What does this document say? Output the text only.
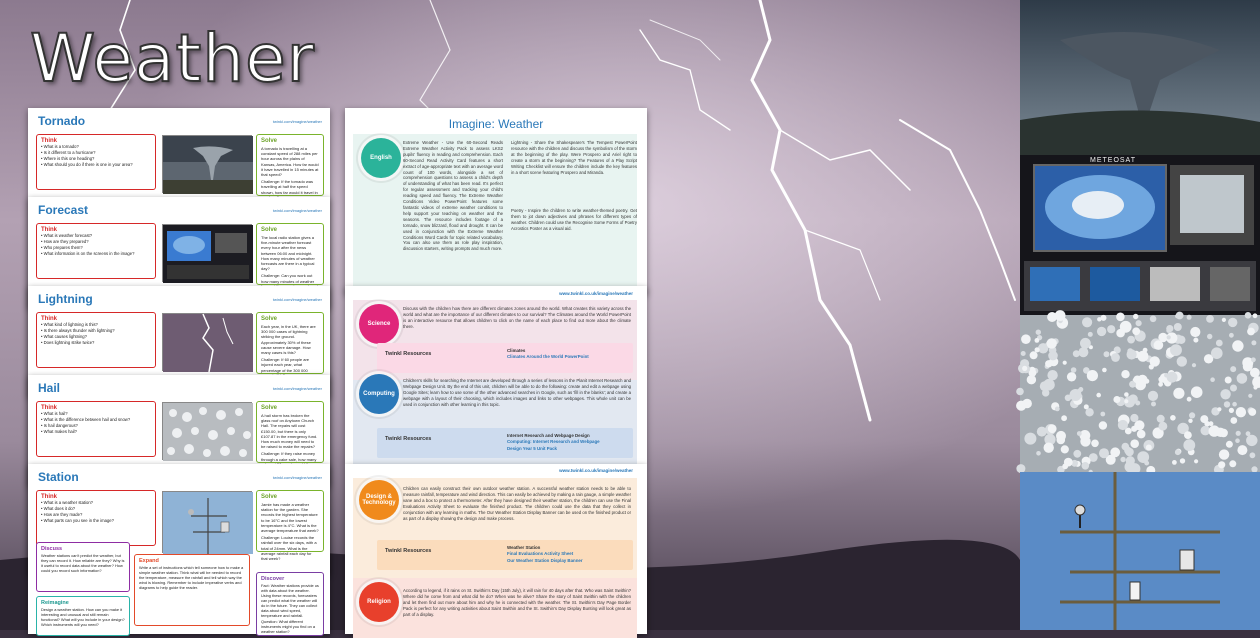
Weather
Tornado	twinkl.com/imagine/weather
Think
• What is a tornado?
• Is it different to a hurricane?
• Where is this one heading?
• What should you do if there is one in your area?
Solve
A tornado is travelling at a constant speed of 288 miles per hour across the plains of Kansas, America. How far would it have travelled in 15 minutes at that speed?
Challenge: If the tornado was travelling at half the speed shown, how far would it travel in
Forecast	twinkl.com/imagine/weather
Think
• What is weather forecast?
• How are they prepared?
• Who prepares them?
• What information is on the screens in the image?
Solve
The local radio station gives a five-minute weather forecast every hour after the news between 06:00 and midnight. How many minutes of weather forecasts are there in a typical day?
Challenge: Can you work out how many minutes of weather
Lightning	twinkl.com/imagine/weather
Think
• What kind of lightning is this?
• Is there always thunder with lightning?
• What causes lightning?
• Does lightning strike twice?
Solve
Each year, in the UK, there are 300 000 cases of lightning striking the ground. Approximately 30% of these cause severe damage. How many cases is this?
Challenge: If 60 people are injured each year, what percentage of the 300 000
Hail	twinkl.com/imagine/weather
Think
• What is hail?
• What is the difference between hail and snow?
• Is hail dangerous?
• What makes hail?
Solve
A hail storm has broken the glass roof on Anytown Church Hall. The repairs will cost £150.00, but there is only £107.87 in the emergency fund. How much money will need to be raised to make the repairs?
Challenge: If they raise money through a cake sale, how many
Station	twinkl.com/imagine/weather
Think
• What is a weather station?
• What does it do?
• How are they made?
• What parts can you see in the image?
Solve
Jamie has made a weather station for the garden. She records the highest temperature to be 16°C and the lowest temperature is 4°C. What is the average temperature that week?
Challenge: Louise records the rainfall over the six days, with a total of 24mm. What is the average rainfall each day for that week?
Discuss
Weather stations can't predict the weather, but they can record it. How reliable are they? Why is it useful to record data about the weather? How could you record such information?
Reimagine
Design a weather station. How can you make it interesting and unusual and still remain functional? What will you include in your design? Which instruments will you need?
Expand
Write a set of instructions which tell someone how to make a simple weather station. Think what will be needed to record the temperature, measure the rainfall and tell which way the wind is blowing. Remember to include imperative verbs and diagrams to help guide the reader.
Discover
Fact: Weather stations provide us with data about the weather. Using these records, forecasters can predict what the weather will do in the future. They can collect data about wind speed, temperature and rainfall.
Question: What different instruments might you find on a weather station?
Imagine: Weather
English
Extreme Weather - Use the 60-Second Reads Extreme Weather Activity Pack to assess LKS2 pupils' fluency in reading and comprehension. Each 60-Second Read Activity Card features a short extract of age-appropriate text with an average word count of 100 words, alongside a set of comprehension questions to assess a child's depth of understanding of what has been read. It's perfect for regular assessment and tracking your child's reading speed and fluency. The Extreme Weather Conditions Video PowerPoint features some fantastic videos of extreme weather conditions to help support your teaching on weather and the seasons. The resource includes footage of a tornado, snow blizzard, flood and drought. It can be used in conjunction with the Extreme Weather Conditions Word Cards for topic related vocabulary. You can also use them as role play inspiration, discussion starters, writing prompts and much more.
Lightning - Share the Shakespeare's The Tempest PowerPoint resource with the children and discuss the symbolism of the storm at the beginning of the play. Were Prospero and Ariel right to create a storm at the beginning? The Features of a Play Script Writing Checklist will ensure the children include the key features in a short scene featuring Prospero and Miranda.
Poetry - Inspire the children to write weather-themed poetry. Get them to jot down adjectives and phrases for different types of weather. Children could use the Recognise Some Forms of Poetry Acrostics Poster as a visual aid.
www.twinkl.co.uk/imagine/weather
Science
Discuss with the children how there are different climates zones around the world. What creates this variety across the world and what are the importance of our different climates to our survival? The Climates around the World PowerPoint is an interactive resource that allows children to click on the name of each place to find out more about the climate there.
Twinkl Resources
Climates
Climates Around the World PowerPoint
Computing
Children's skills for searching the Internet are developed through a series of lessons in the Planit Internet Research and Webpage Design Unit. By the end of this unit, children will be able to do the following: create and edit a webpage using Google Sites; learn how to use some of the other advanced searches in Google, such as 'fill in the blanks'; and create a webpage with a layout of their choosing, which includes images and links to other webpages. This whole unit can be used in conjunction with other learning in this topic.
Twinkl Resources
Internet Research and Webpage Design
Computing: Internet Research and Webpage
Design Year 5 Unit Pack
www.twinkl.co.uk/imagine/weather
Design & Technology
Children can easily construct their own outdoor weather station. A successful weather station needs to be able to measure rainfall, temperature and wind direction. This can easily be achieved by making a rain gauge, a simple weather vane and a box to protect a thermometer. After they have designed their weather station, the children can use the Final Evaluations Activity Sheet to evaluate the finished product. The children could use the data that they collect in conjunction with any learning in maths. The Our Weather Station Display Banner can be used on the finished product or as part of a display showing the design and make process.
Twinkl Resources
Weather Station
Final Evaluations Activity Sheet
Our Weather Station Display Banner
Religion
According to legend, if it rains on St. Swithin's Day (15th July), it will rain for 40 days after that. Who was Saint Swithin? Where did he come from and what did he do? When was he alive? Share the story of Saint Swithin with the children and let them find out more about him and why he is connected with the weather. The St. Swithin's Day Page Border Pack is perfect for any writing activities about Saint Swithin and the St. Swithin's Day Display Bunting will look great as part of a display.
METEOSAT
